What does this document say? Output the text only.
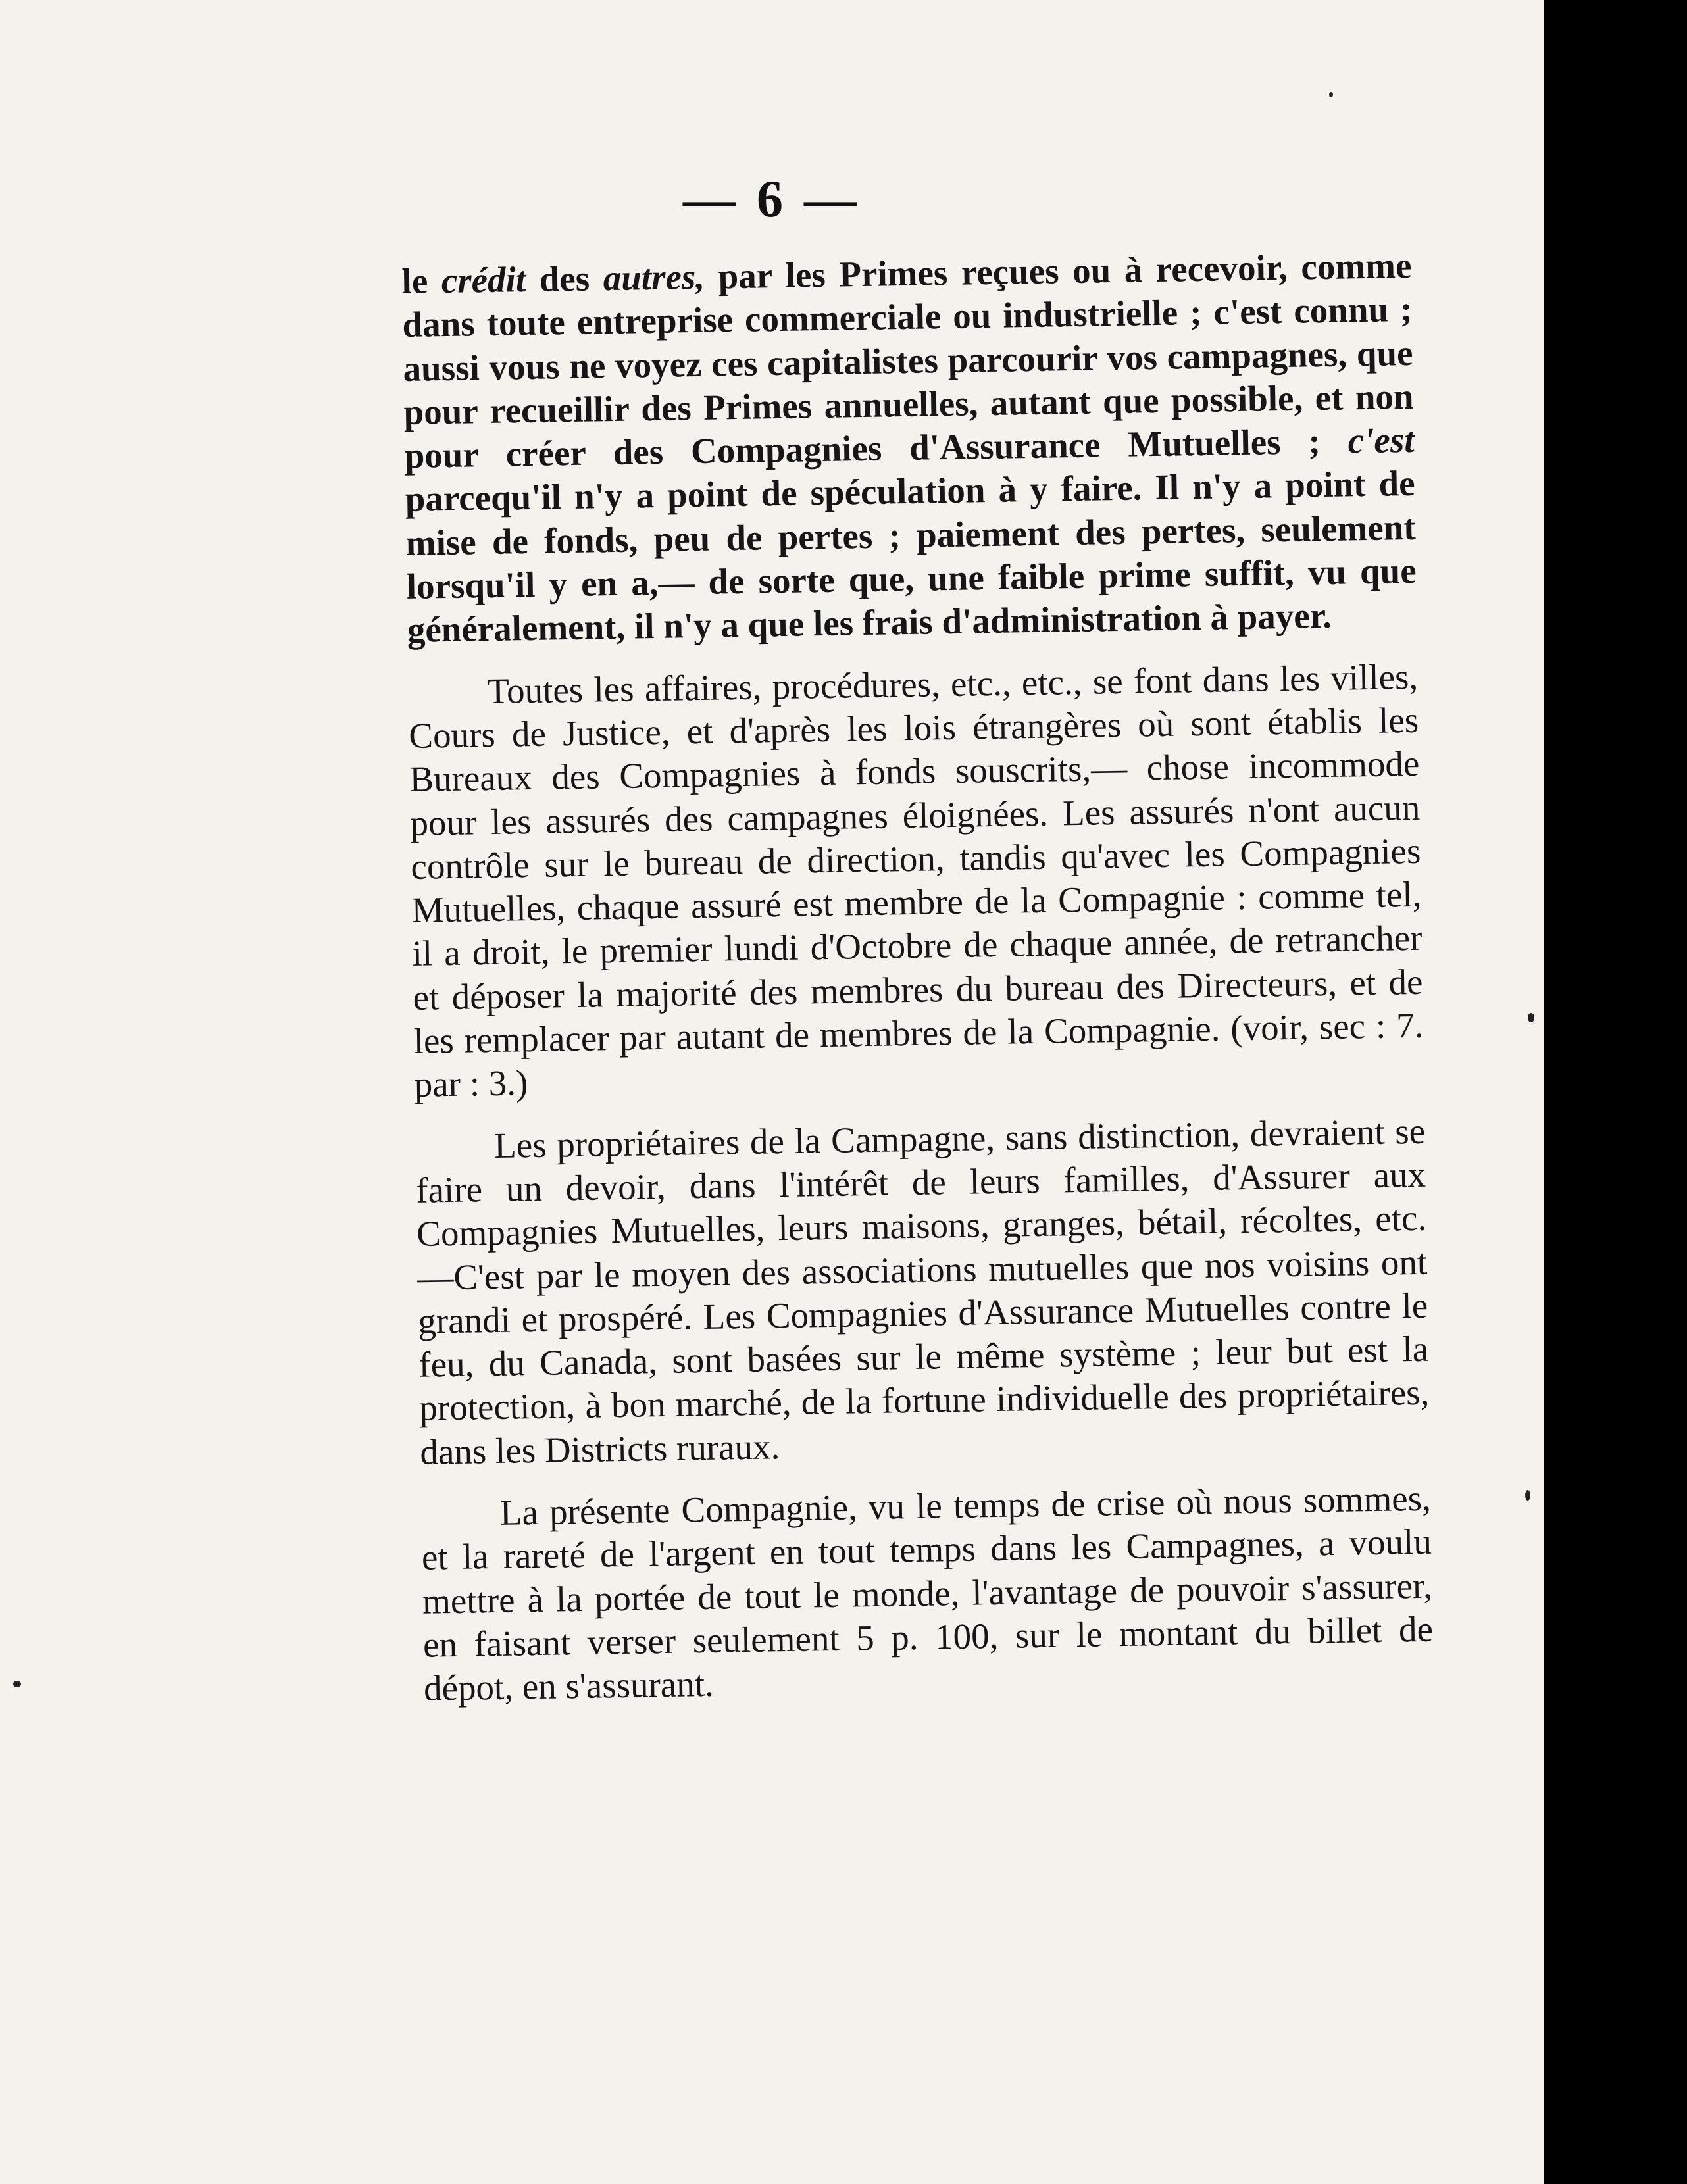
— 6 —

le crédit des autres, par les Primes reçues ou à recevoir, comme dans toute entreprise commerciale ou industrielle ; c'est connu ; aussi vous ne voyez ces capitalistes parcourir vos campagnes, que pour recueillir des Primes annuelles, autant que possible, et non pour créer des Compagnies d'Assurance Mutuelles ; c'est parcequ'il n'y a point de spéculation à y faire. Il n'y a point de mise de fonds, peu de pertes ; paiement des pertes, seulement lorsqu'il y en a,— de sorte que, une faible prime suffit, vu que généralement, il n'y a que les frais d'administration à payer.

Toutes les affaires, procédures, etc., etc., se font dans les villes, Cours de Justice, et d'après les lois étrangères où sont établis les Bureaux des Compagnies à fonds souscrits,— chose incommode pour les assurés des campagnes éloignées. Les assurés n'ont aucun contrôle sur le bureau de direction, tandis qu'avec les Compagnies Mutuelles, chaque assuré est membre de la Compagnie : comme tel, il a droit, le premier lundi d'Octobre de chaque année, de retrancher et déposer la majorité des membres du bureau des Directeurs, et de les remplacer par autant de membres de la Compagnie. (voir, sec : 7. par : 3.)

Les propriétaires de la Campagne, sans distinction, devraient se faire un devoir, dans l'intérêt de leurs familles, d'Assurer aux Compagnies Mutuelles, leurs maisons, granges, bétail, récoltes, etc.—C'est par le moyen des associations mutuelles que nos voisins ont grandi et prospéré. Les Compagnies d'Assurance Mutuelles contre le feu, du Canada, sont basées sur le même système ; leur but est la protection, à bon marché, de la fortune individuelle des propriétaires, dans les Districts ruraux.

La présente Compagnie, vu le temps de crise où nous sommes, et la rareté de l'argent en tout temps dans les Campagnes, a voulu mettre à la portée de tout le monde, l'avantage de pouvoir s'assurer, en faisant verser seulement 5 p. 100, sur le montant du billet de dépot, en s'assurant.
